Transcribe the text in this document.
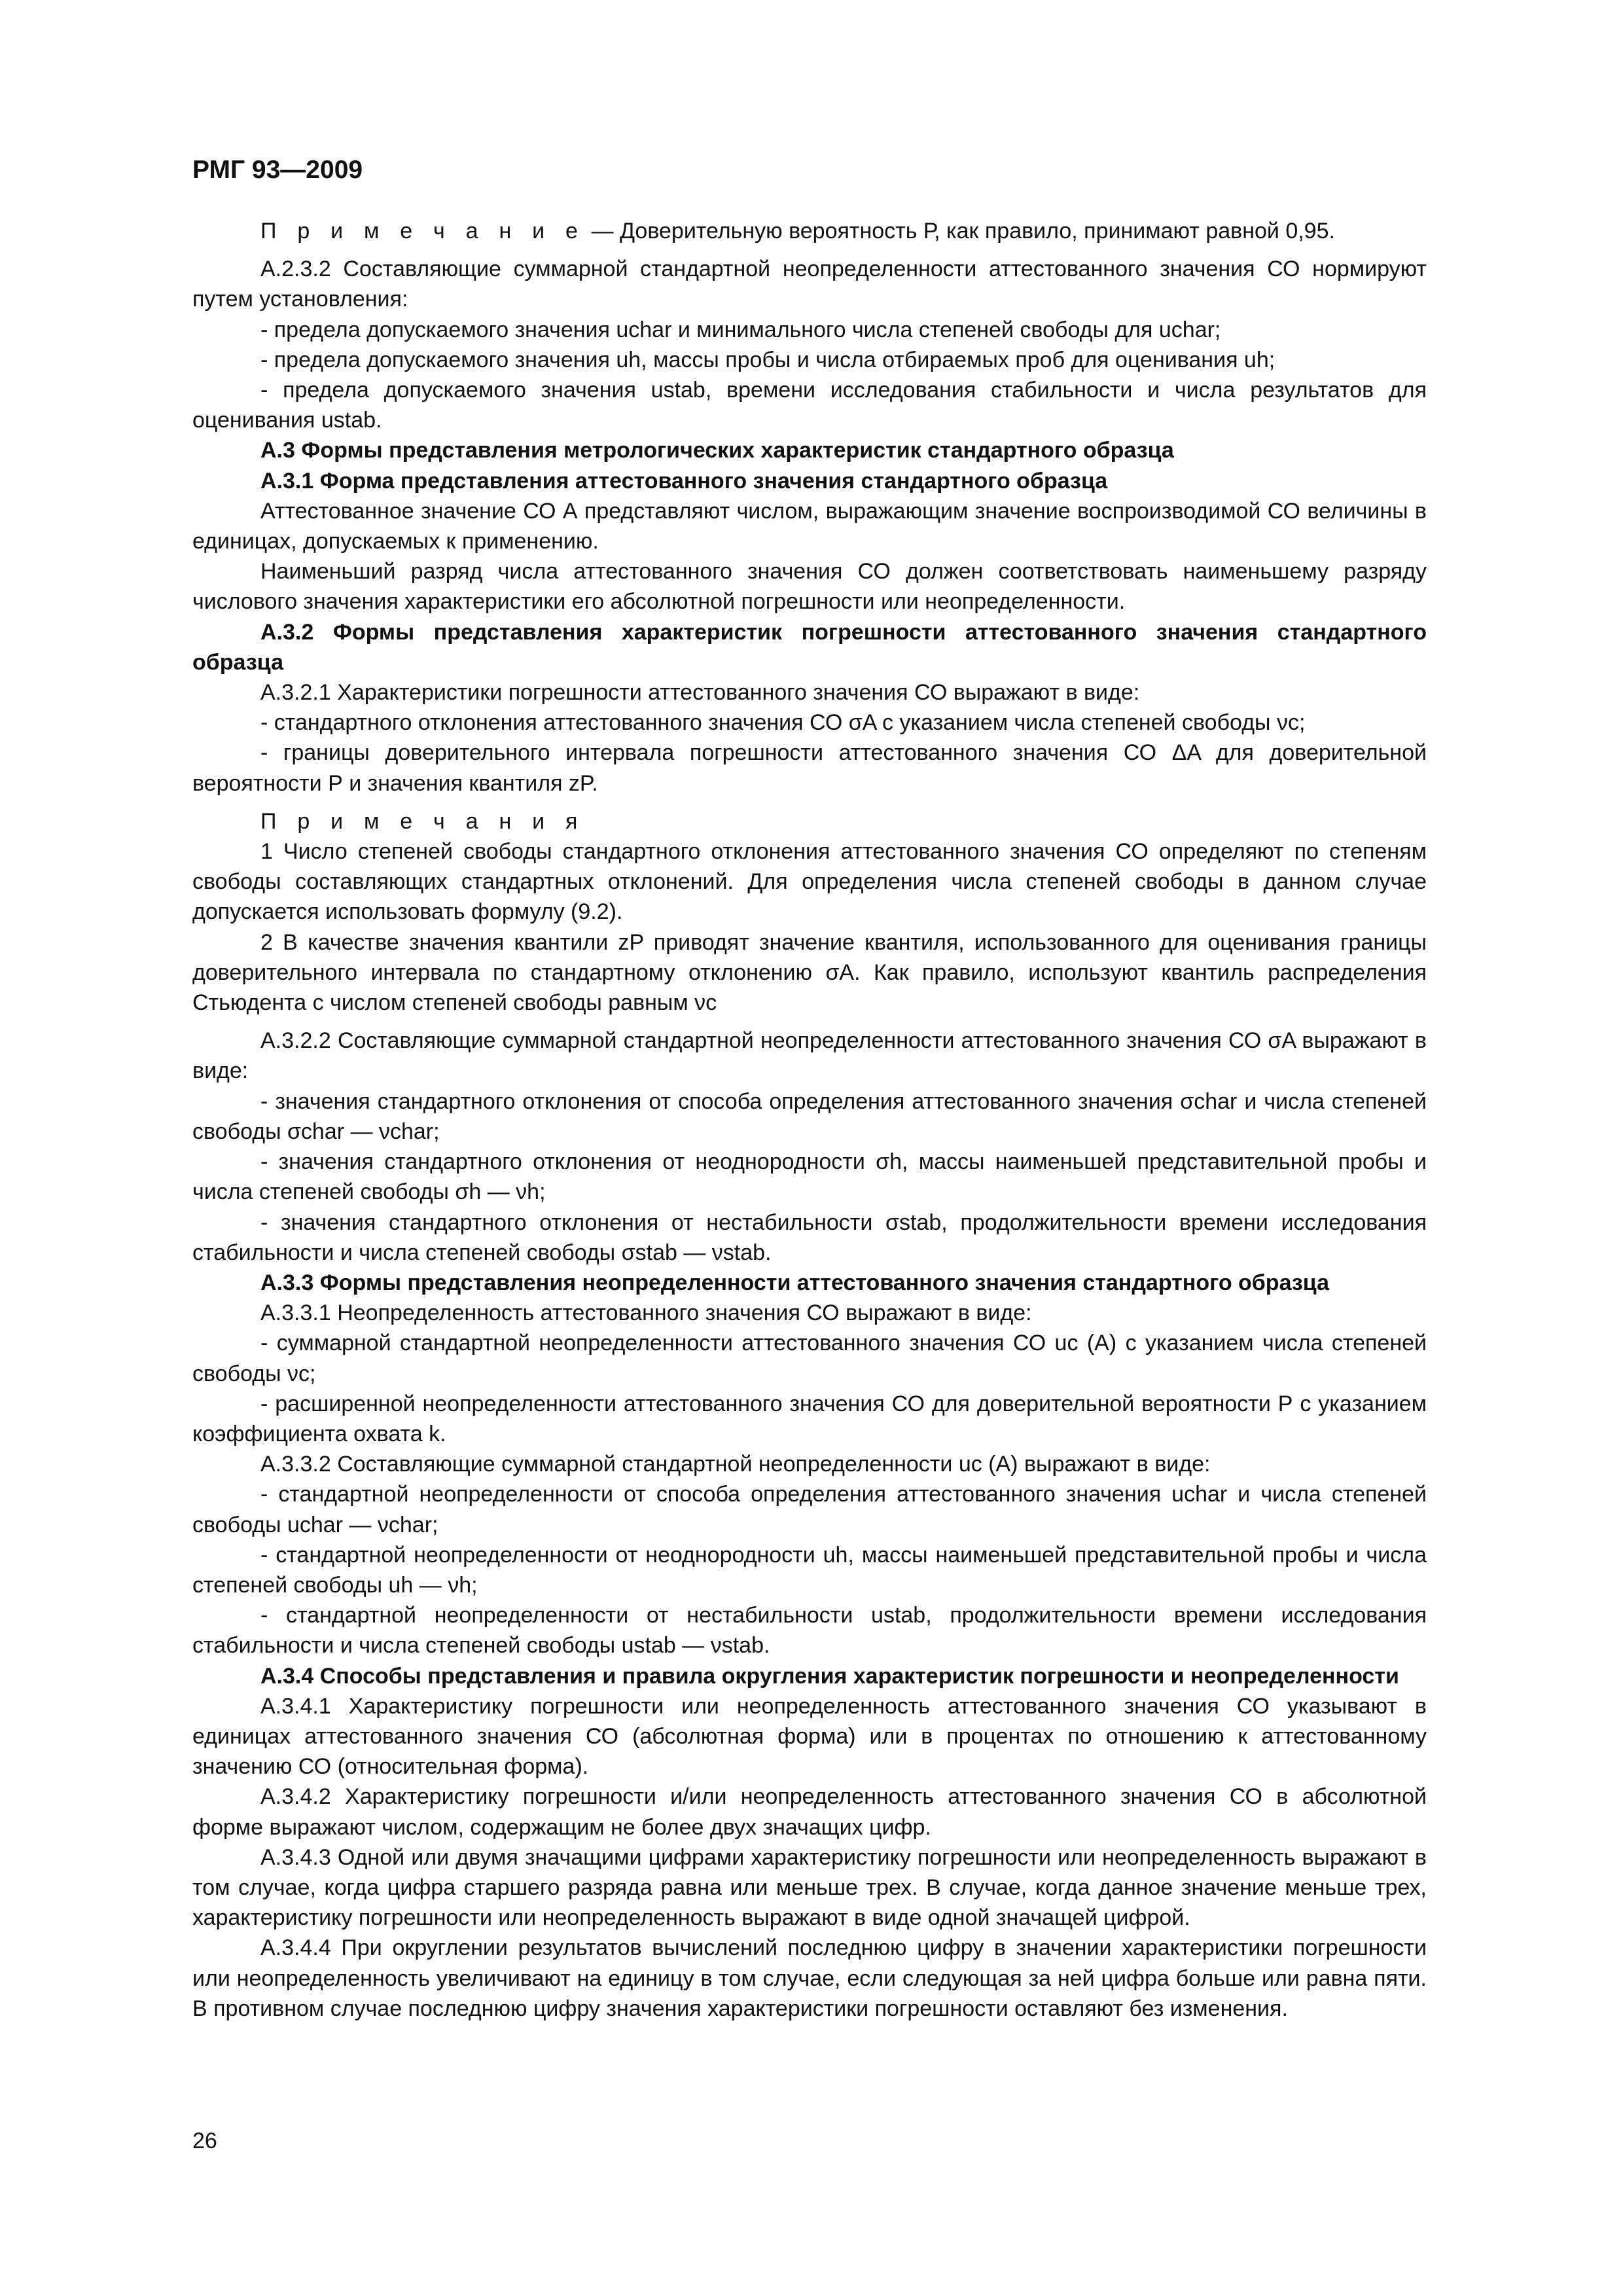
РМГ 93—2009

П р и м е ч а н и е — Доверительную вероятность Р, как правило, принимают равной 0,95.

А.2.3.2 Составляющие суммарной стандартной неопределенности аттестованного значения СО нормируют путем установления:

- предела допускаемого значения uchar и минимального числа степеней свободы для uchar;

- предела допускаемого значения uh, массы пробы и числа отбираемых проб для оценивания uh;

- предела допускаемого значения ustab, времени исследования стабильности и числа результатов для оценивания ustab.

А.3 Формы представления метрологических характеристик стандартного образца

А.3.1 Форма представления аттестованного значения стандартного образца

Аттестованное значение СО А представляют числом, выражающим значение воспроизводимой СО величины в единицах, допускаемых к применению.

Наименьший разряд числа аттестованного значения СО должен соответствовать наименьшему разряду числового значения характеристики его абсолютной погрешности или неопределенности.

А.3.2 Формы представления характеристик погрешности аттестованного значения стандартного образца

А.3.2.1 Характеристики погрешности аттестованного значения СО выражают в виде:

- стандартного отклонения аттестованного значения СО σA с указанием числа степеней свободы νc;

- границы доверительного интервала погрешности аттестованного значения СО ΔA для доверительной вероятности Р и значения квантиля zP.

П р и м е ч а н и я

1 Число степеней свободы стандартного отклонения аттестованного значения СО определяют по степеням свободы составляющих стандартных отклонений. Для определения числа степеней свободы в данном случае допускается использовать формулу (9.2).

2 В качестве значения квантили zP приводят значение квантиля, использованного для оценивания границы доверительного интервала по стандартному отклонению σA. Как правило, используют квантиль распределения Стьюдента с числом степеней свободы равным νc

А.3.2.2 Составляющие суммарной стандартной неопределенности аттестованного значения СО σA выражают в виде:

- значения стандартного отклонения от способа определения аттестованного значения σchar и числа степеней свободы σchar — νchar;

- значения стандартного отклонения от неоднородности σh, массы наименьшей представительной пробы и числа степеней свободы σh — νh;

- значения стандартного отклонения от нестабильности σstab, продолжительности времени исследования стабильности и числа степеней свободы σstab — νstab.

А.3.3 Формы представления неопределенности аттестованного значения стандартного образца

А.3.3.1 Неопределенность аттестованного значения СО выражают в виде:

- суммарной стандартной неопределенности аттестованного значения СО uc (A) с указанием числа степеней свободы νc;

- расширенной неопределенности аттестованного значения СО для доверительной вероятности Р с указанием коэффициента охвата k.

А.3.3.2 Составляющие суммарной стандартной неопределенности uc (A) выражают в виде:

- стандартной неопределенности от способа определения аттестованного значения uchar и числа степеней свободы uchar — νchar;

- стандартной неопределенности от неоднородности uh, массы наименьшей представительной пробы и числа степеней свободы uh — νh;

- стандартной неопределенности от нестабильности ustab, продолжительности времени исследования стабильности и числа степеней свободы ustab — νstab.

А.3.4 Способы представления и правила округления характеристик погрешности и неопределенности

А.3.4.1 Характеристику погрешности или неопределенность аттестованного значения СО указывают в единицах аттестованного значения СО (абсолютная форма) или в процентах по отношению к аттестованному значению СО (относительная форма).

А.3.4.2 Характеристику погрешности и/или неопределенность аттестованного значения СО в абсолютной форме выражают числом, содержащим не более двух значащих цифр.

А.3.4.3 Одной или двумя значащими цифрами характеристику погрешности или неопределенность выражают в том случае, когда цифра старшего разряда равна или меньше трех. В случае, когда данное значение меньше трех, характеристику погрешности или неопределенность выражают в виде одной значащей цифрой.

А.3.4.4 При округлении результатов вычислений последнюю цифру в значении характеристики погрешности или неопределенность увеличивают на единицу в том случае, если следующая за ней цифра больше или равна пяти. В противном случае последнюю цифру значения характеристики погрешности оставляют без изменения.

26
